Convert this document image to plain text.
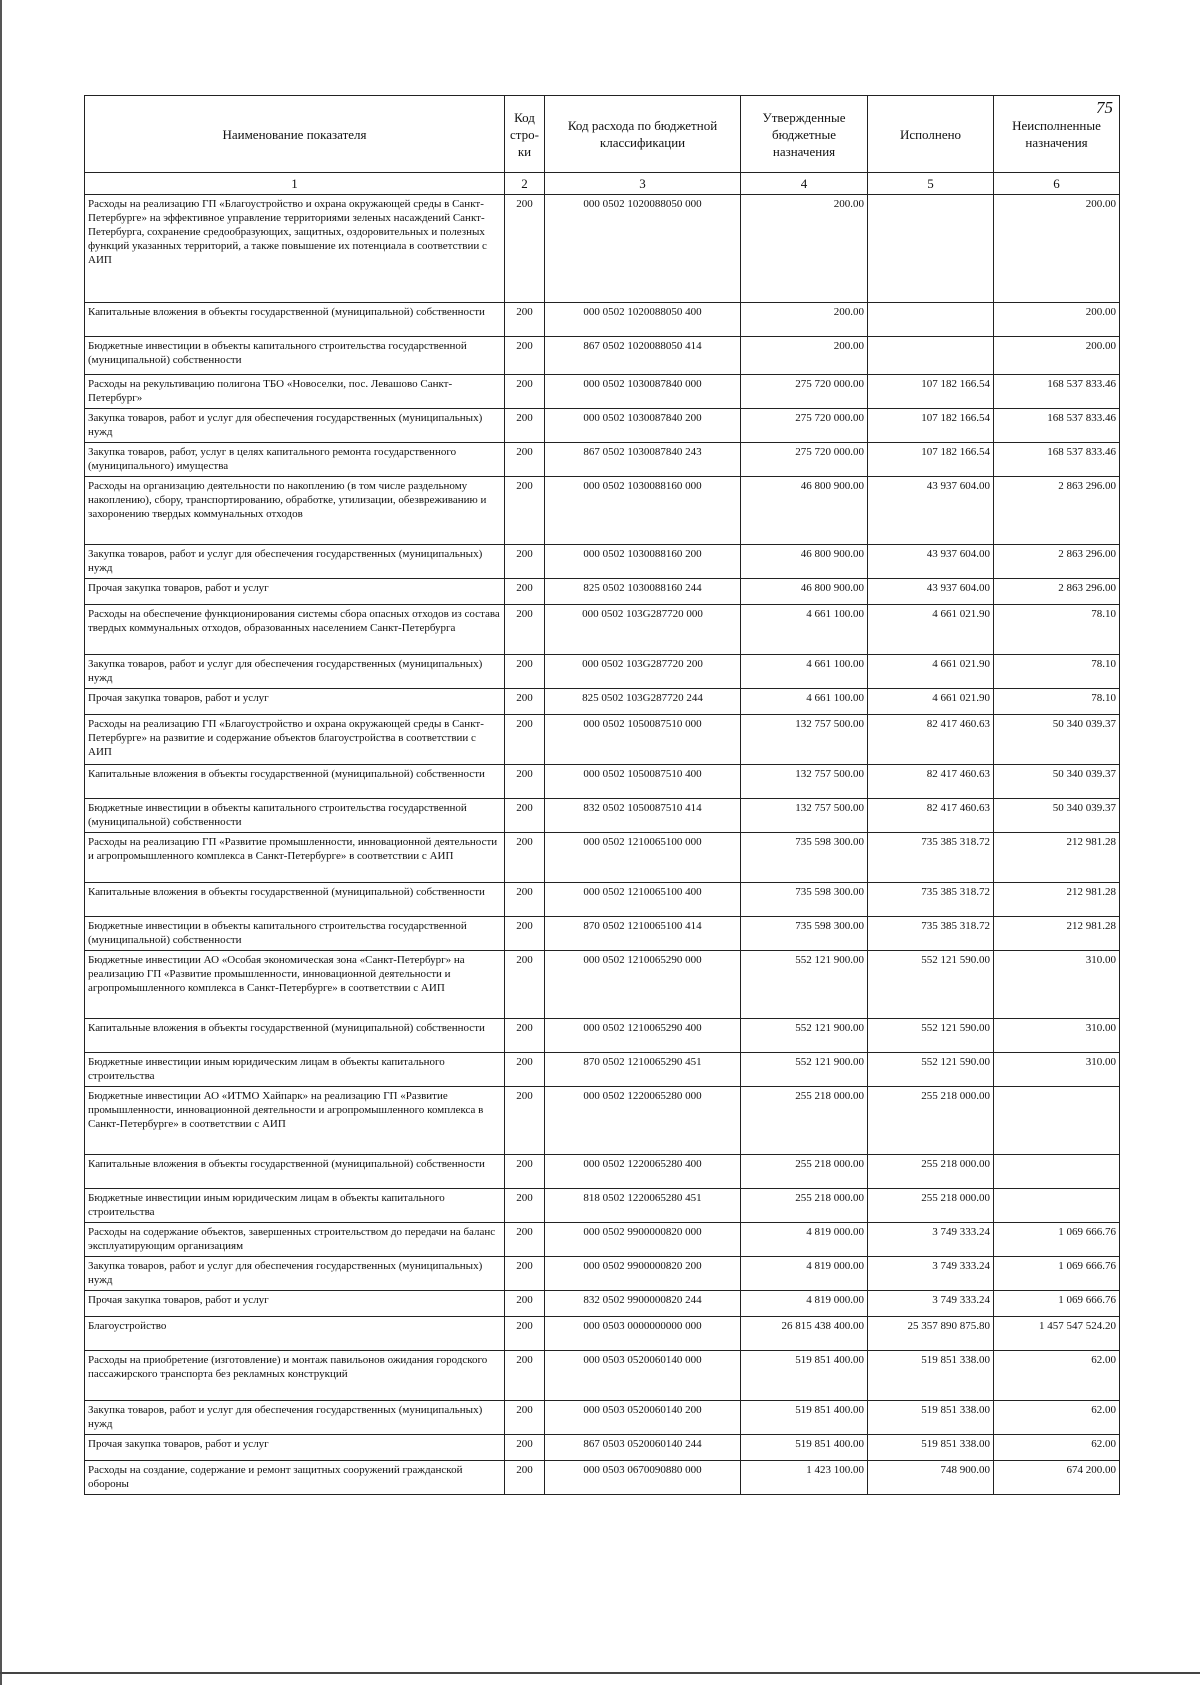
75
Наименование показателя	Код стро-ки	Код расхода по бюджетной классификации	Утвержденные бюджетные назначения	Исполнено	Неисполненные назначения
1	2	3	4	5	6
Расходы на реализацию ГП «Благоустройство и охрана окружающей среды в Санкт-Петербурге» на эффективное управление территориями зеленых насаждений Санкт-Петербурга, сохранение средообразующих, защитных, оздоровительных и полезных функций указанных территорий, а также повышение их потенциала в соответствии с АИП	200	000 0502 1020088050 000	200.00		200.00
Капитальные вложения в объекты государственной (муниципальной) собственности	200	000 0502 1020088050 400	200.00		200.00
Бюджетные инвестиции в объекты капитального строительства государственной (муниципальной) собственности	200	867 0502 1020088050 414	200.00		200.00
Расходы на рекультивацию полигона ТБО «Новоселки, пос. Левашово Санкт-Петербург»	200	000 0502 1030087840 000	275 720 000.00	107 182 166.54	168 537 833.46
Закупка товаров, работ и услуг для обеспечения государственных (муниципальных) нужд	200	000 0502 1030087840 200	275 720 000.00	107 182 166.54	168 537 833.46
Закупка товаров, работ, услуг в целях капитального ремонта государственного (муниципального) имущества	200	867 0502 1030087840 243	275 720 000.00	107 182 166.54	168 537 833.46
Расходы на организацию деятельности по накоплению (в том числе раздельному накоплению), сбору, транспортированию, обработке, утилизации, обезвреживанию и захоронению твердых коммунальных отходов	200	000 0502 1030088160 000	46 800 900.00	43 937 604.00	2 863 296.00
Закупка товаров, работ и услуг для обеспечения государственных (муниципальных) нужд	200	000 0502 1030088160 200	46 800 900.00	43 937 604.00	2 863 296.00
Прочая закупка товаров, работ и услуг	200	825 0502 1030088160 244	46 800 900.00	43 937 604.00	2 863 296.00
Расходы на обеспечение функционирования системы сбора опасных отходов из состава твердых коммунальных отходов, образованных населением Санкт-Петербурга	200	000 0502 103G287720 000	4 661 100.00	4 661 021.90	78.10
Закупка товаров, работ и услуг для обеспечения государственных (муниципальных) нужд	200	000 0502 103G287720 200	4 661 100.00	4 661 021.90	78.10
Прочая закупка товаров, работ и услуг	200	825 0502 103G287720 244	4 661 100.00	4 661 021.90	78.10
Расходы на реализацию ГП «Благоустройство и охрана окружающей среды в Санкт-Петербурге» на развитие и содержание объектов благоустройства в соответствии с АИП	200	000 0502 1050087510 000	132 757 500.00	82 417 460.63	50 340 039.37
Капитальные вложения в объекты государственной (муниципальной) собственности	200	000 0502 1050087510 400	132 757 500.00	82 417 460.63	50 340 039.37
Бюджетные инвестиции в объекты капитального строительства государственной (муниципальной) собственности	200	832 0502 1050087510 414	132 757 500.00	82 417 460.63	50 340 039.37
Расходы на реализацию ГП «Развитие промышленности, инновационной деятельности и агропромышленного комплекса в Санкт-Петербурге» в соответствии с АИП	200	000 0502 1210065100 000	735 598 300.00	735 385 318.72	212 981.28
Капитальные вложения в объекты государственной (муниципальной) собственности	200	000 0502 1210065100 400	735 598 300.00	735 385 318.72	212 981.28
Бюджетные инвестиции в объекты капитального строительства государственной (муниципальной) собственности	200	870 0502 1210065100 414	735 598 300.00	735 385 318.72	212 981.28
Бюджетные инвестиции АО «Особая экономическая зона «Санкт-Петербург» на реализацию ГП «Развитие промышленности, инновационной деятельности и агропромышленного комплекса в Санкт-Петербурге» в соответствии с АИП	200	000 0502 1210065290 000	552 121 900.00	552 121 590.00	310.00
Капитальные вложения в объекты государственной (муниципальной) собственности	200	000 0502 1210065290 400	552 121 900.00	552 121 590.00	310.00
Бюджетные инвестиции иным юридическим лицам в объекты капитального строительства	200	870 0502 1210065290 451	552 121 900.00	552 121 590.00	310.00
Бюджетные инвестиции АО «ИТМО Хайпарк» на реализацию ГП «Развитие промышленности, инновационной деятельности и агропромышленного комплекса в Санкт-Петербурге» в соответствии с АИП	200	000 0502 1220065280 000	255 218 000.00	255 218 000.00	
Капитальные вложения в объекты государственной (муниципальной) собственности	200	000 0502 1220065280 400	255 218 000.00	255 218 000.00	
Бюджетные инвестиции иным юридическим лицам в объекты капитального строительства	200	818 0502 1220065280 451	255 218 000.00	255 218 000.00	
Расходы на содержание объектов, завершенных строительством до передачи на баланс эксплуатирующим организациям	200	000 0502 9900000820 000	4 819 000.00	3 749 333.24	1 069 666.76
Закупка товаров, работ и услуг для обеспечения государственных (муниципальных) нужд	200	000 0502 9900000820 200	4 819 000.00	3 749 333.24	1 069 666.76
Прочая закупка товаров, работ и услуг	200	832 0502 9900000820 244	4 819 000.00	3 749 333.24	1 069 666.76
Благоустройство	200	000 0503 0000000000 000	26 815 438 400.00	25 357 890 875.80	1 457 547 524.20
Расходы на приобретение (изготовление) и монтаж павильонов ожидания городского пассажирского транспорта без рекламных конструкций	200	000 0503 0520060140 000	519 851 400.00	519 851 338.00	62.00
Закупка товаров, работ и услуг для обеспечения государственных (муниципальных) нужд	200	000 0503 0520060140 200	519 851 400.00	519 851 338.00	62.00
Прочая закупка товаров, работ и услуг	200	867 0503 0520060140 244	519 851 400.00	519 851 338.00	62.00
Расходы на создание, содержание и ремонт защитных сооружений гражданской обороны	200	000 0503 0670090880 000	1 423 100.00	748 900.00	674 200.00
